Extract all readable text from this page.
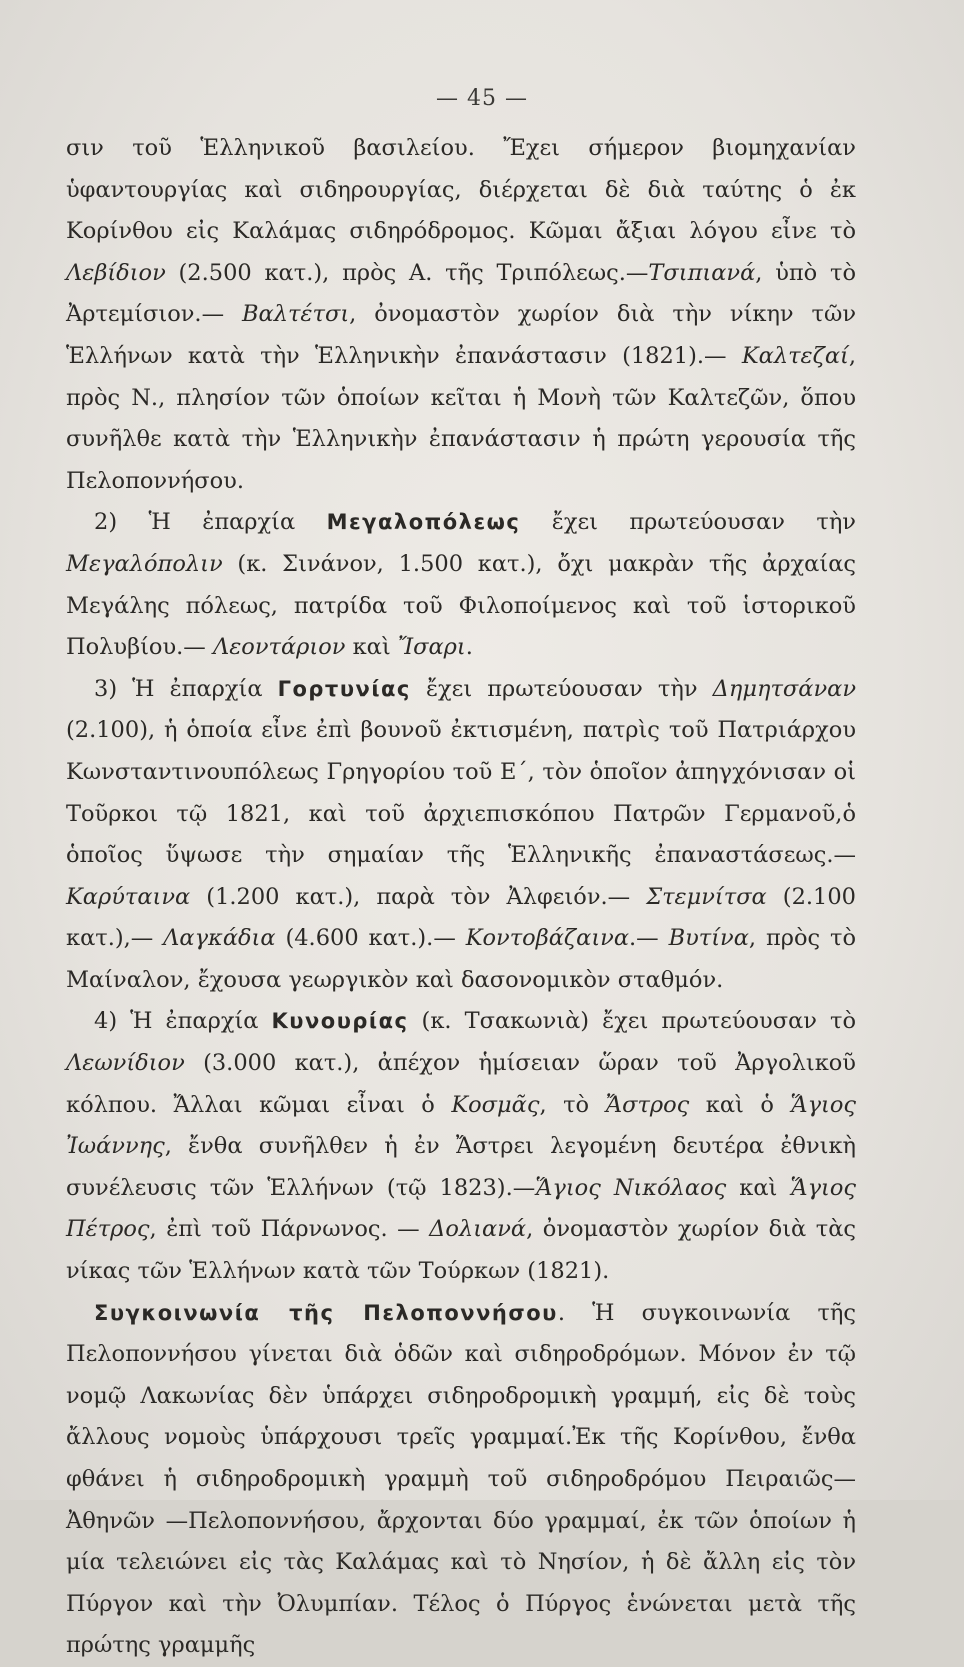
— 45 —

σιν τοῦ Ἑλληνικοῦ βασιλείου. Ἔχει σήμερον βιομηχανίαν ὑφαντουργίας καὶ σιδηρουργίας, διέρχεται δὲ διὰ ταύτης ὁ ἐκ Κορίνθου εἰς Καλάμας σιδηρόδρομος. Κῶμαι ἄξιαι λόγου εἶνε τὸ Λεβίδιον (2.500 κατ.), πρὸς Α. τῆς Τριπόλεως.—Τσιπιανά, ὑπὸ τὸ Ἀρτεμίσιον.— Βαλτέτσι, ὀνομαστὸν χωρίον διὰ τὴν νίκην τῶν Ἑλλήνων κατὰ τὴν Ἑλληνικὴν ἐπανάστασιν (1821).— Καλτεζαί, πρὸς Ν., πλησίον τῶν ὁποίων κεῖται ἡ Μονὴ τῶν Καλτεζῶν, ὅπου συνῆλθε κατὰ τὴν Ἑλληνικὴν ἐπανάστασιν ἡ πρώτη γερουσία τῆς Πελοποννήσου.

2) Ἡ ἐπαρχία Μεγαλοπόλεως ἔχει πρωτεύουσαν τὴν Μεγαλόπολιν (κ. Σινάνον, 1.500 κατ.), ὄχι μακρὰν τῆς ἀρχαίας Μεγάλης πόλεως, πατρίδα τοῦ Φιλοποίμενος καὶ τοῦ ἱστορικοῦ Πολυβίου.— Λεοντάριον καὶ Ἴσαρι.

3) Ἡ ἐπαρχία Γορτυνίας ἔχει πρωτεύουσαν τὴν Δημητσάναν (2.100), ἡ ὁποία εἶνε ἐπὶ βουνοῦ ἐκτισμένη, πατρὶς τοῦ Πατριάρχου Κωνσταντινουπόλεως Γρηγορίου τοῦ Ε΄, τὸν ὁποῖον ἀπηγχόνισαν οἱ Τοῦρκοι τῷ 1821, καὶ τοῦ ἀρχιεπισκόπου Πατρῶν Γερμανοῦ,ὁ ὁποῖος ὕψωσε τὴν σημαίαν τῆς Ἑλληνικῆς ἐπαναστάσεως.— Καρύταινα (1.200 κατ.), παρὰ τὸν Ἀλφειόν.— Στεμνίτσα (2.100 κατ.),— Λαγκάδια (4.600 κατ.).— Κοντοβάζαινα.— Βυτίνα, πρὸς τὸ Μαίναλον, ἔχουσα γεωργικὸν καὶ δασονομικὸν σταθμόν.

4) Ἡ ἐπαρχία Κυνουρίας (κ. Τσακωνιὰ) ἔχει πρωτεύουσαν τὸ Λεωνίδιον (3.000 κατ.), ἀπέχον ἡμίσειαν ὥραν τοῦ Ἀργολικοῦ κόλπου. Ἄλλαι κῶμαι εἶναι ὁ Κοσμᾶς, τὸ Ἄστρος καὶ ὁ Ἅγιος Ἰωάννης, ἔνθα συνῆλθεν ἡ ἐν Ἄστρει λεγομένη δευτέρα ἐθνικὴ συνέλευσις τῶν Ἑλλήνων (τῷ 1823).—Ἅγιος Νικόλαος καὶ Ἅγιος Πέτρος, ἐπὶ τοῦ Πάρνωνος. — Δολιανά, ὀνομαστὸν χωρίον διὰ τὰς νίκας τῶν Ἑλλήνων κατὰ τῶν Τούρκων (1821).

Συγκοινωνία τῆς Πελοποννήσου. Ἡ συγκοινωνία τῆς Πελοποννήσου γίνεται διὰ ὁδῶν καὶ σιδηροδρόμων. Μόνον ἐν τῷ νομῷ Λακωνίας δὲν ὑπάρχει σιδηροδρομικὴ γραμμή, εἰς δὲ τοὺς ἄλλους νομοὺς ὑπάρχουσι τρεῖς γραμμαί.Ἐκ τῆς Κορίνθου, ἔνθα φθάνει ἡ σιδηροδρομικὴ γραμμὴ τοῦ σιδηροδρόμου Πειραιῶς— Ἀθηνῶν —Πελοποννήσου, ἄρχονται δύο γραμμαί, ἐκ τῶν ὁποίων ἡ μία τελειώνει εἰς τὰς Καλάμας καὶ τὸ Νησίον, ἡ δὲ ἄλλη εἰς τὸν Πύργον καὶ τὴν Ὀλυμπίαν. Τέλος ὁ Πύργος ἑνώνεται μετὰ τῆς πρώτης γραμμῆς
